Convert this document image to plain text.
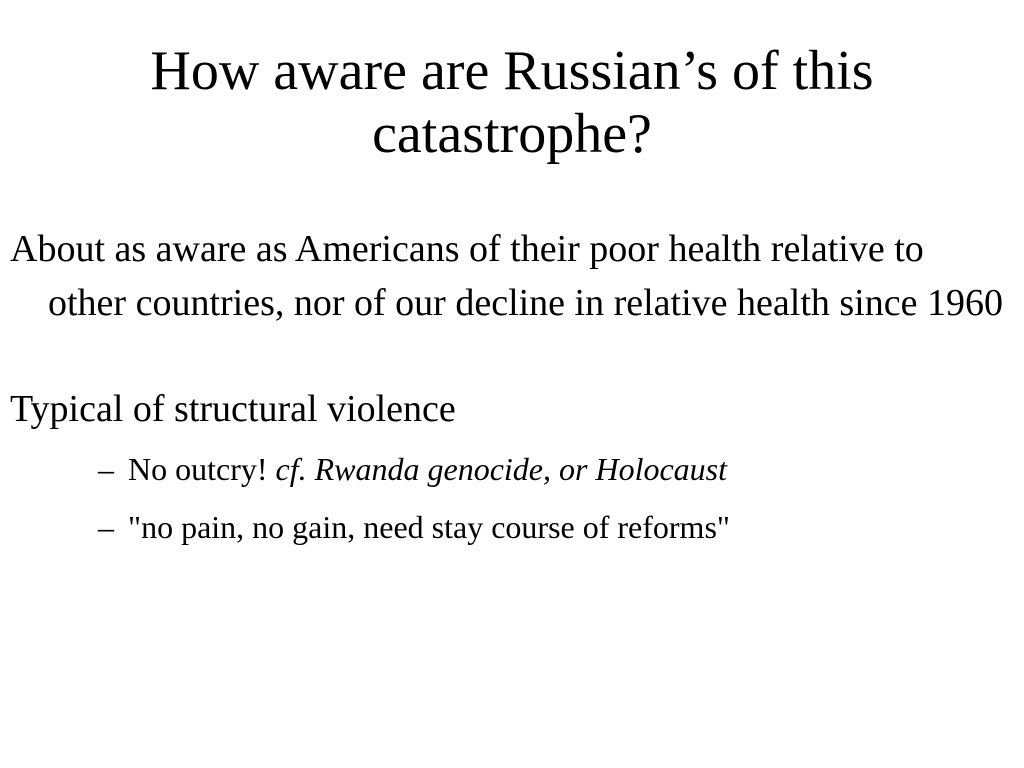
How aware are Russian’s of this
catastrophe?
About as aware as Americans of their poor health relative to other countries, nor of our decline in relative health since 1960
Typical of structural violence
– No outcry! cf. Rwanda genocide, or Holocaust
– "no pain, no gain, need stay course of reforms"
